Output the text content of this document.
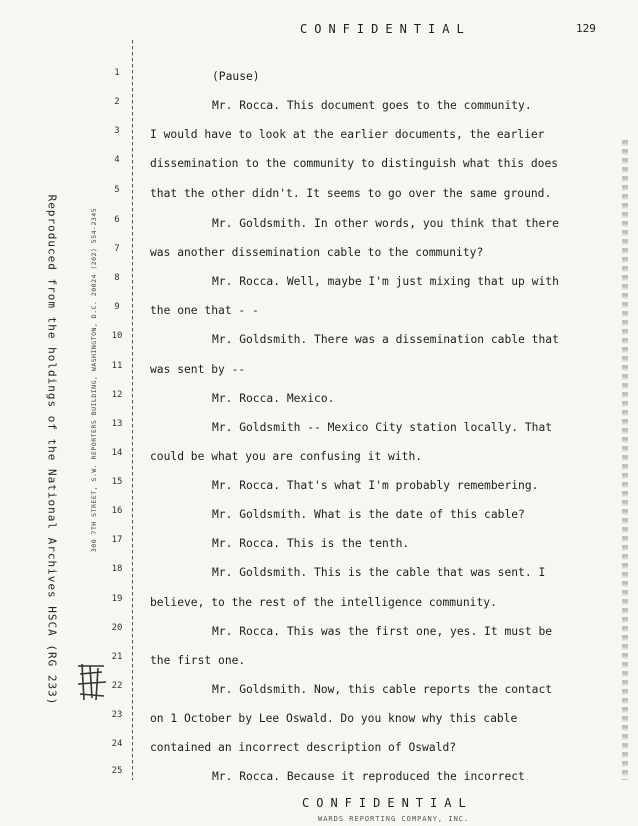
CONFIDENTIAL	129
Reproduced from the holdings of the National Archives HSCA (RG 233)	300 7TH STREET, S.W. REPORTERS BUILDING, WASHINGTON, D.C. 20024 (202) 554-2345
1
2
3
4
5
6
7
8
9
10
11
12
13
14
15
16
17
18
19
20
21
22
23
24
25
(Pause)
Mr. Rocca. This document goes to the community.
I would have to look at the earlier documents, the earlier
dissemination to the community to distinguish what this does
that the other didn't. It seems to go over the same ground.
Mr. Goldsmith. In other words, you think that there
was another dissemination cable to the community?
Mr. Rocca. Well, maybe I'm just mixing that up with
the one that - -
Mr. Goldsmith. There was a dissemination cable that
was sent by --
Mr. Rocca. Mexico.
Mr. Goldsmith -- Mexico City station locally. That
could be what you are confusing it with.
Mr. Rocca. That's what I'm probably remembering.
Mr. Goldsmith. What is the date of this cable?
Mr. Rocca. This is the tenth.
Mr. Goldsmith. This is the cable that was sent. I
believe, to the rest of the intelligence community.
Mr. Rocca. This was the first one, yes. It must be
the first one.
Mr. Goldsmith. Now, this cable reports the contact
on 1 October by Lee Oswald. Do you know why this cable
contained an incorrect description of Oswald?
Mr. Rocca. Because it reproduced the incorrect
CONFIDENTIAL
WARDS REPORTING COMPANY, INC.
